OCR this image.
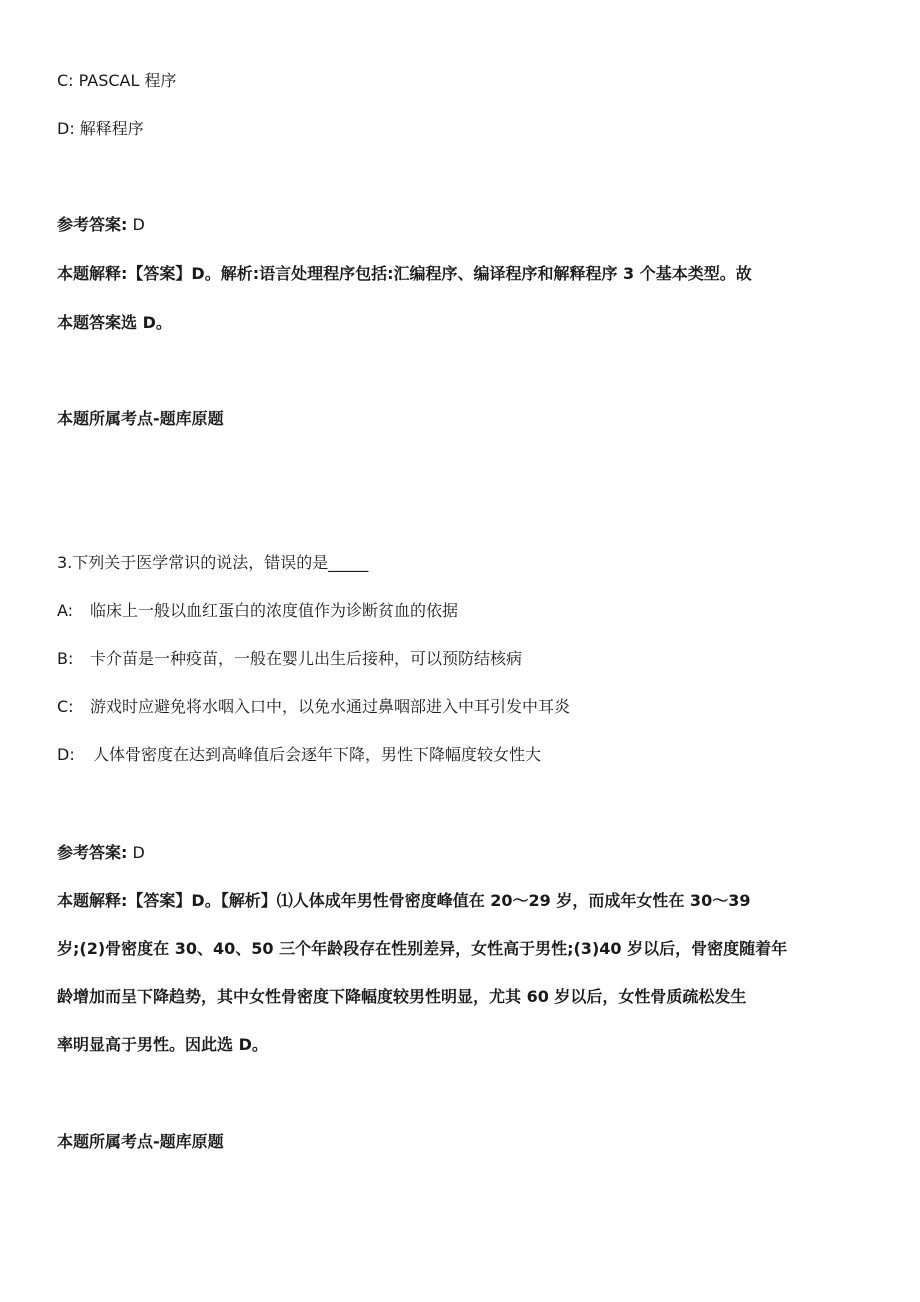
C: PASCAL 程序
D: 解释程序
参考答案: D
本题解释:【答案】D。解析:语言处理程序包括:汇编程序、编译程序和解释程序 3 个基本类型。故
本题答案选 D。
本题所属考点-题库原题
3.下列关于医学常识的说法，错误的是_____
A: 临床上一般以血红蛋白的浓度值作为诊断贫血的依据
B: 卡介苗是一种疫苗，一般在婴儿出生后接种，可以预防结核病
C: 游戏时应避免将水咽入口中，以免水通过鼻咽部进入中耳引发中耳炎
D: 人体骨密度在达到高峰值后会逐年下降，男性下降幅度较女性大
参考答案: D
本题解释:【答案】D。【解析】⑴人体成年男性骨密度峰值在 20～29 岁，而成年女性在 30～39
岁;(2)骨密度在 30、40、50 三个年龄段存在性别差异，女性高于男性;(3)40 岁以后，骨密度随着年
龄增加而呈下降趋势，其中女性骨密度下降幅度较男性明显，尤其 60 岁以后，女性骨质疏松发生
率明显高于男性。因此选 D。
本题所属考点-题库原题
